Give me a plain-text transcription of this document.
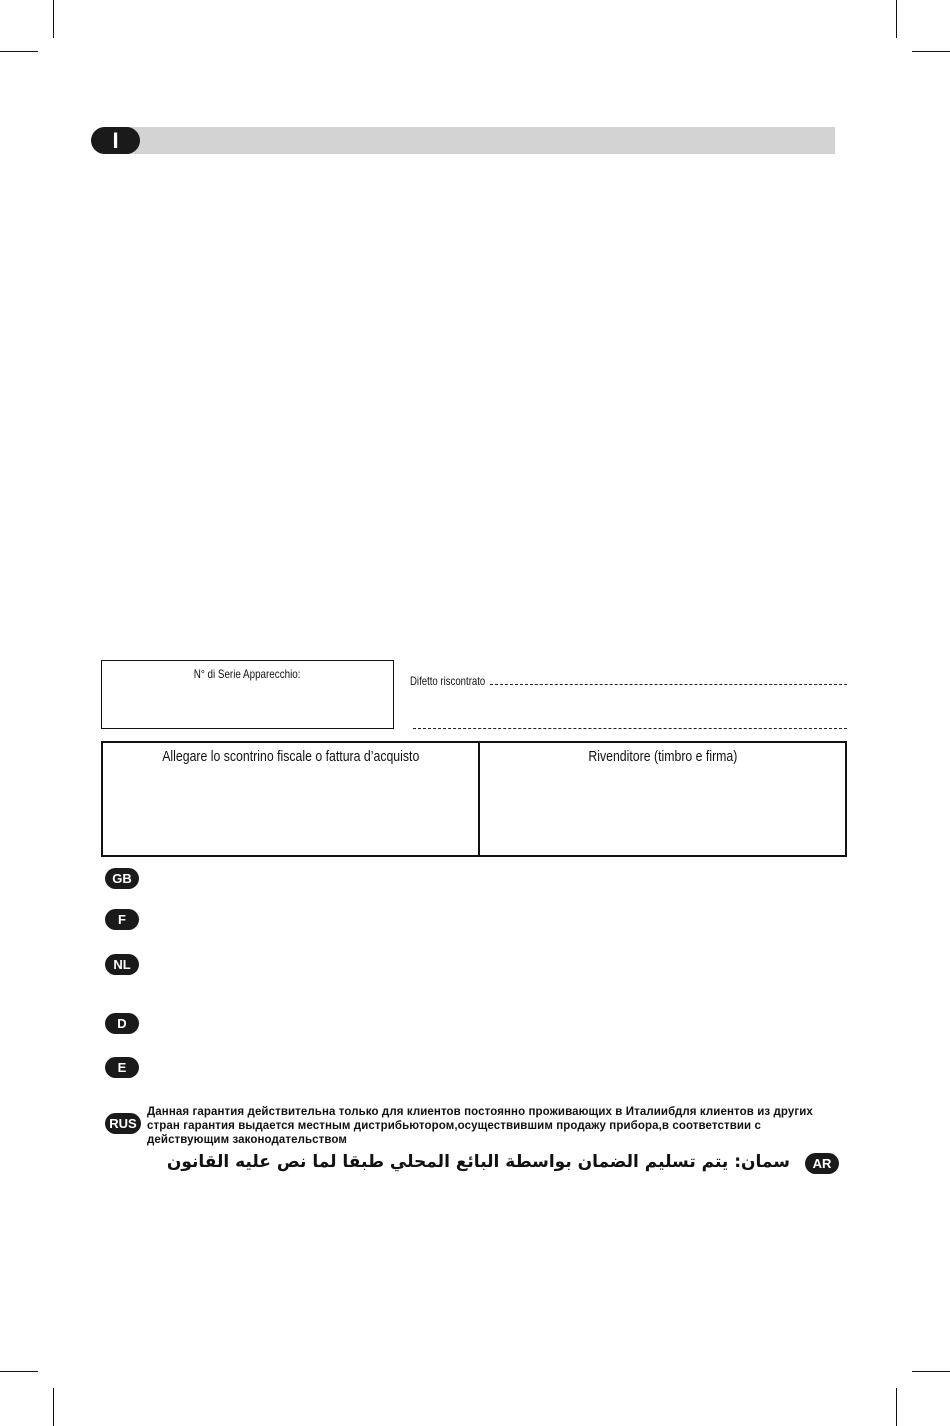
I
N° di Serie Apparecchio:	Difetto riscontrato
Allegare lo scontrino fiscale o fattura d’acquisto	Rivenditore (timbro e firma)
GB
F
NL
D
E
RUS
Данная гарантия действительна только для клиентов постоянно проживающих в Италиибдля клиентов из других
стран гарантия выдается местным дистрибьютором,осуществившим продажу прибора,в соответствии с
действующим законодательством
سمان: يتم تسليم الضمان بواسطة البائع المحلي طبقا لما نص عليه القانون	AR
